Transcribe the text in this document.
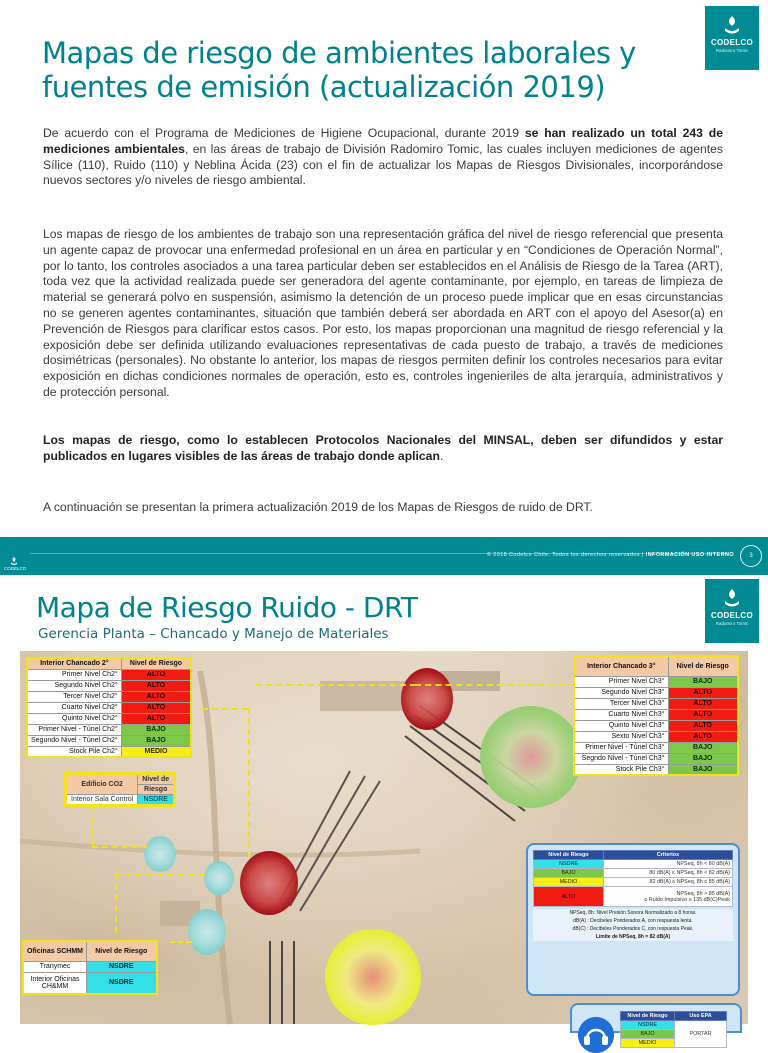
Mapas de riesgo de ambientes laborales y fuentes de emisión (actualización 2019)
CODELCO
Radomiro Tomic

De acuerdo con el Programa de Mediciones de Higiene Ocupacional, durante 2019 se han realizado un total 243 de mediciones ambientales, en las áreas de trabajo de División Radomiro Tomic, las cuales incluyen mediciones de agentes Sílice (110), Ruido (110) y Neblina Ácida (23) con el fin de actualizar los Mapas de Riesgos Divisionales, incorporándose nuevos sectores y/o niveles de riesgo ambiental.

Los mapas de riesgo de los ambientes de trabajo son una representación gráfica del nivel de riesgo referencial que presenta un agente capaz de provocar una enfermedad profesional en un área en particular y en “Condiciones de Operación Normal”, por lo tanto, los controles asociados a una tarea particular deben ser establecidos en el Análisis de Riesgo de la Tarea (ART), toda vez que la actividad realizada puede ser generadora del agente contaminante, por ejemplo, en tareas de limpieza de material se generará polvo en suspensión, asimismo la detención de un proceso puede implicar que en esas circunstancias no se generen agentes contaminantes, situación que también deberá ser abordada en ART con el apoyo del Asesor(a) en Prevención de Riesgos para clarificar estos casos. Por esto, los mapas proporcionan una magnitud de riesgo referencial y la exposición debe ser definida utilizando evaluaciones representativas de cada puesto de trabajo, a través de mediciones dosimétricas (personales). No obstante lo anterior, los mapas de riesgos permiten definir los controles necesarios para evitar exposición en dichas condiciones normales de operación, esto es, controles ingenieriles de alta jerarquía, administrativos y de protección personal.

Los mapas de riesgo, como lo establecen Protocolos Nacionales del MINSAL, deben ser difundidos y estar publicados en lugares visibles de las áreas de trabajo donde aplican.

A continuación se presentan la primera actualización 2019 de los Mapas de Riesgos de ruido de DRT.

CODELCO
© 2018 Codelco Chile. Todos los derechos reservados | INFORMACIÓN USO INTERNO	3
Mapa de Riesgo Ruido - DRT
Gerencia Planta – Chancado y Manejo de Materiales
CODELCO
Radomiro Tomic
Interior Chancado 2°	Nivel de Riesgo
Primer Nivel Ch2°	ALTO
Segundo Nivel Ch2°	ALTO
Tercer Nivel Ch2°	ALTO
Cuarto Nivel Ch2°	ALTO
Quinto Nivel Ch2°	ALTO
Primer Nivel - Túnel Ch2°	BAJO
Segundo Nivel - Túnel Ch2°	BAJO
Stock Pile Ch2°	MEDIO
Edificio CO2	Nivel de
	Riesgo
Interior Sala Control	NSDRE
Interior Chancado 3°	Nivel de Riesgo
Primer Nivel Ch3°	BAJO
Segundo Nivel Ch3°	ALTO
Tercer Nivel Ch3°	ALTO
Cuarto Nivel Ch3°	ALTO
Quinto Nivel Ch3°	ALTO
Sexto Nivel Ch3°	ALTO
Primer Nivel - Túnel Ch3°	BAJO
Segndo Nivel - Túnel Ch3°	BAJO
Stock Pile Ch3°	BAJO
Oficinas SCHMM	Nivel de Riesgo
Tranymec	NSDRE
Interior Oficinas CH&MM	NSDRE
Nivel de Riesgo	Criterios
NSDRE	NPSeq, 8h < 80 dB(A)
BAJO	80 dB(A) ≤ NPSeq, 8h < 82 dB(A)
MEDIO	82 dB(A) ≤ NPSeq, 8h ≤ 85 dB(A)
ALTO	NPSeq, 8h > 85 dB(A)
o Ruido Impulsivo ≥ 135 dB(C)Peak
NPSeq, 8h: Nivel Presión Sonora Normalizado a 8 horas.
dB(A) : Decibeles Ponderados A, con respuesta lenta.
dB(C) : Decibeles Ponderados C, con respuesta Peak.
Límite de NPSeq, 8h = 82 dB(A)
Nivel de Riesgo	Uso EPA
NSDRE	PORTAR
BAJO	
MEDIO	
